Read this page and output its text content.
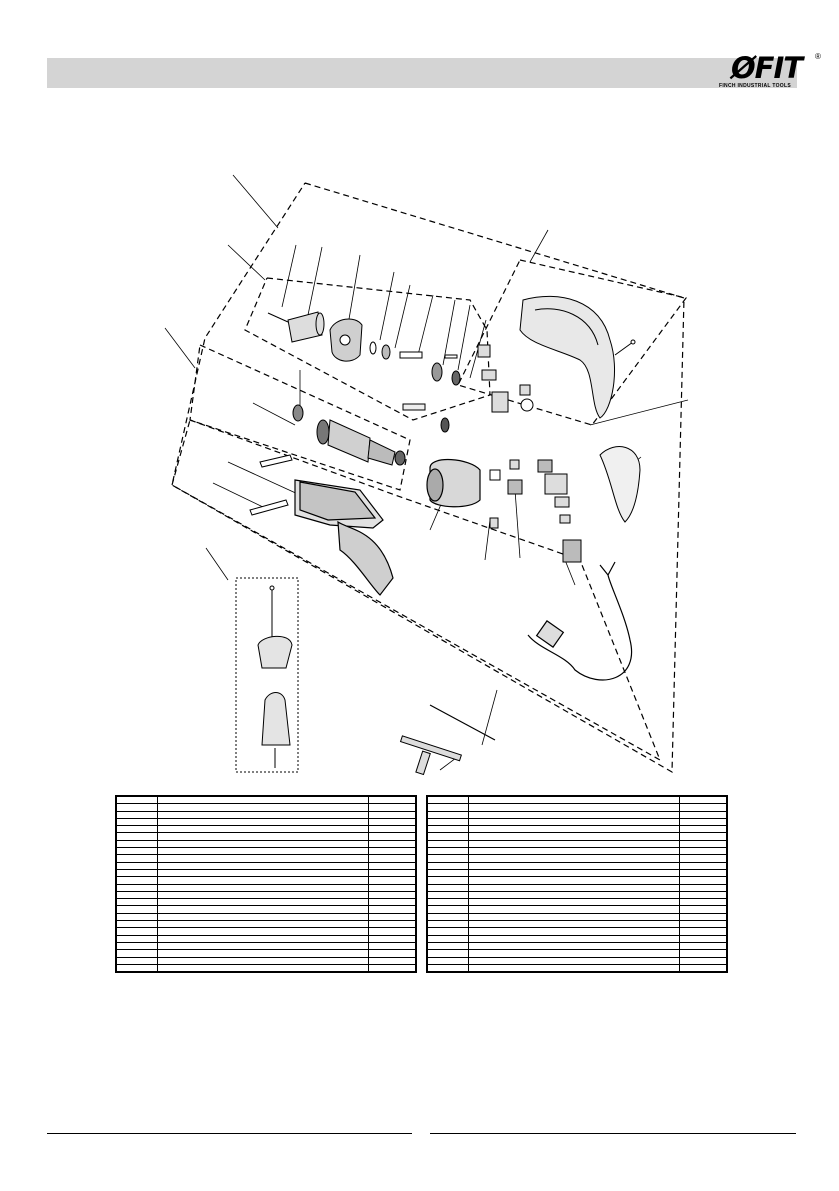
ØFIT
FINCH INDUSTRIAL TOOLS
®
